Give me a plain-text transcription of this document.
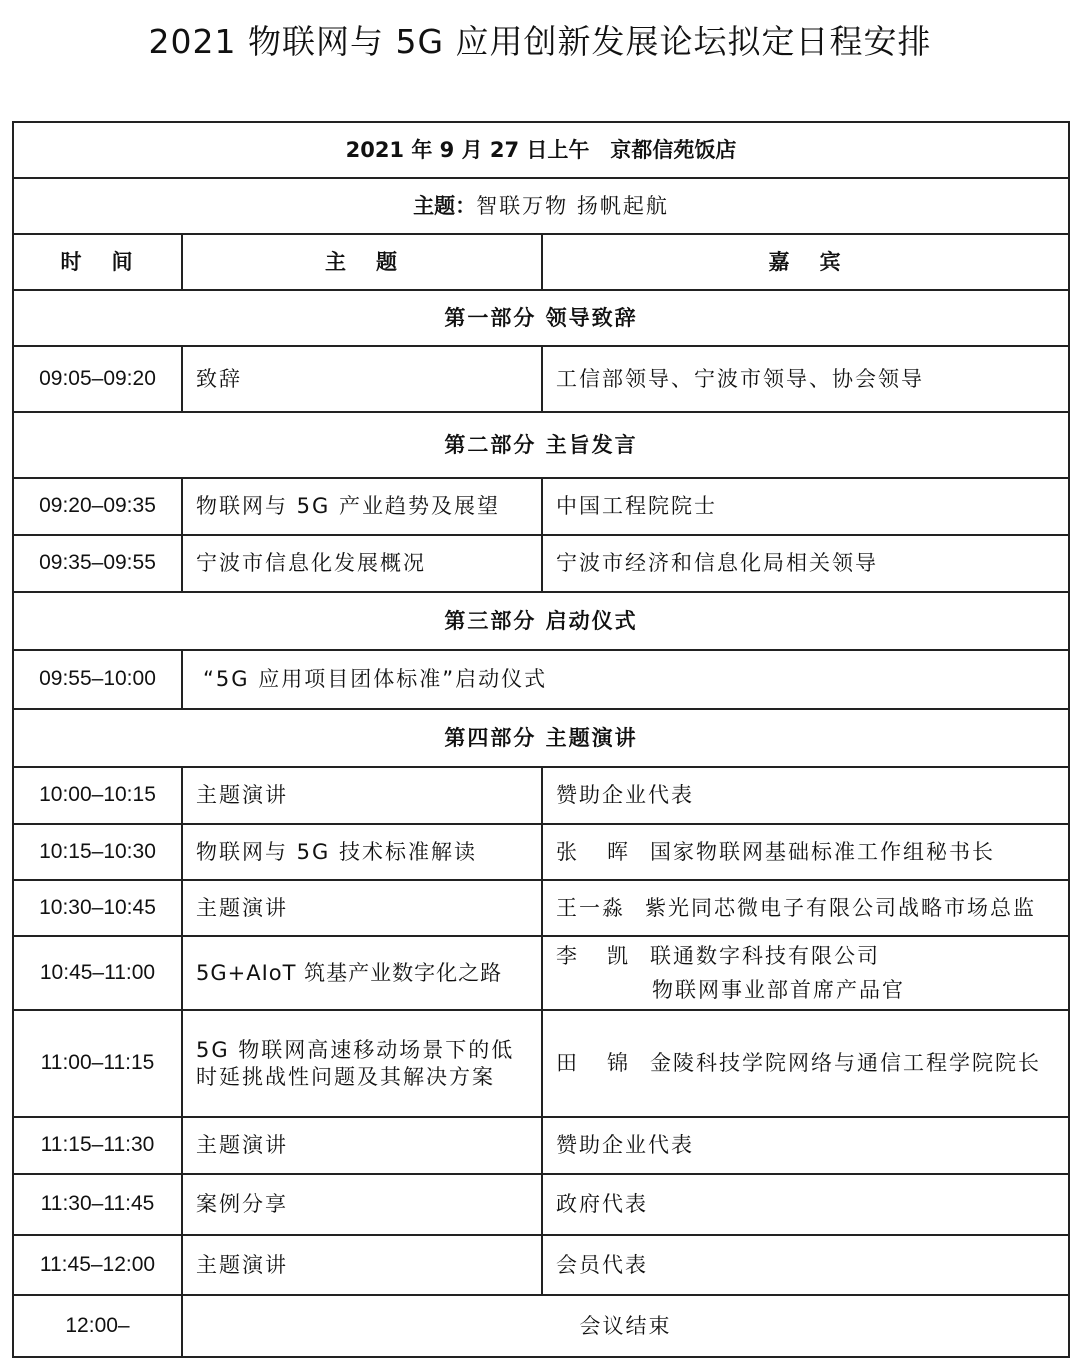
2021 物联网与 5G 应用创新发展论坛拟定日程安排
2021 年 9 月 27 日上午　京都信苑饭店		
主题：智联万物 扬帆起航		
时 间	主 题	嘉 宾
第一部分 领导致辞		
09:05–09:20	致辞	工信部领导、宁波市领导、协会领导
第二部分 主旨发言		
09:20–09:35	物联网与 5G 产业趋势及展望	中国工程院院士
09:35–09:55	宁波市信息化发展概况	宁波市经济和信息化局相关领导
第三部分 启动仪式		
09:55–10:00	“5G 应用项目团体标准”启动仪式	
第四部分 主题演讲		
10:00–10:15	主题演讲	赞助企业代表
10:15–10:30	物联网与 5G 技术标准解读	张 晖 国家物联网基础标准工作组秘书长
10:30–10:45	主题演讲	王一淼 紫光同芯微电子有限公司战略市场总监
10:45–11:00	5G+AIoT 筑基产业数字化之路	李 凯 联通数字科技有限公司
物联网事业部首席产品官

11:00–11:15	5G 物联网高速移动场景下的低
时延挑战性问题及其解决方案	田 锦 金陵科技学院网络与通信工程学院院长
11:15–11:30	主题演讲	赞助企业代表
11:30–11:45	案例分享	政府代表
11:45–12:00	主题演讲	会员代表
12:00–	会议结束	
